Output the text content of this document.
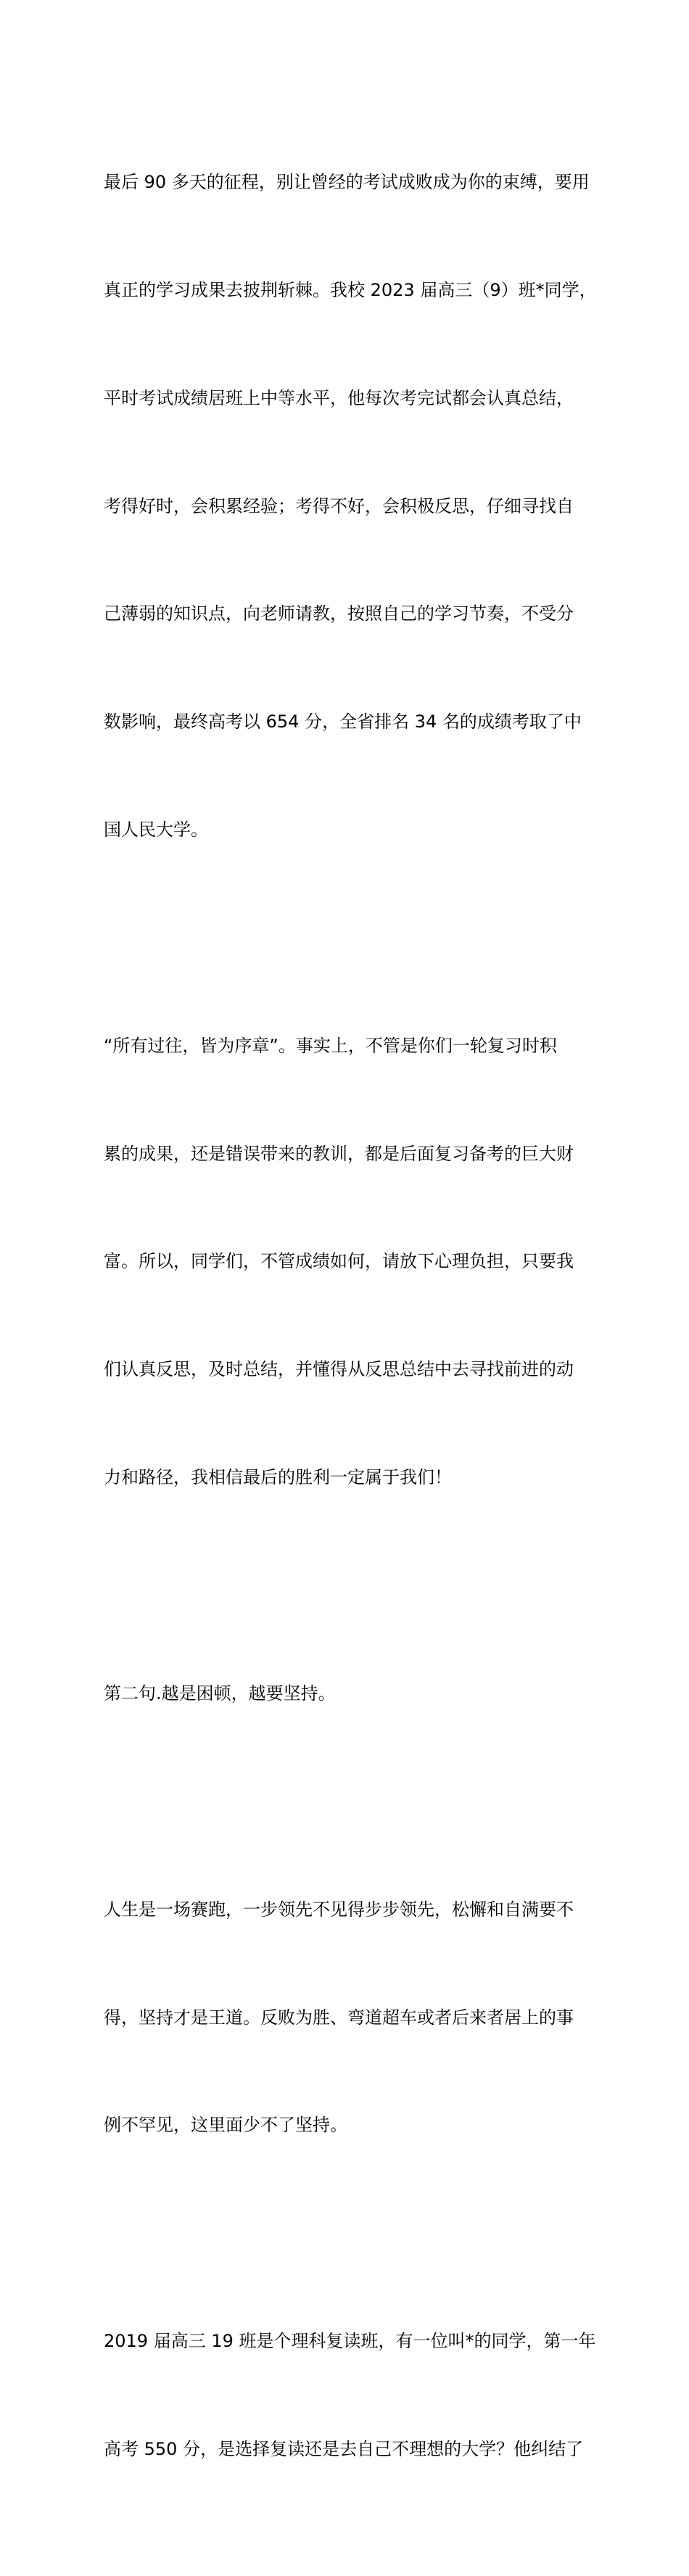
最后 90 多天的征程，别让曾经的考试成败成为你的束缚，要用

真正的学习成果去披荆斩棘。我校 2023 届高三（9）班*同学，

平时考试成绩居班上中等水平，他每次考完试都会认真总结，

考得好时，会积累经验；考得不好，会积极反思，仔细寻找自

己薄弱的知识点，向老师请教，按照自己的学习节奏，不受分

数影响，最终高考以 654 分，全省排名 34 名的成绩考取了中

国人民大学。

“所有过往，皆为序章”。事实上，不管是你们一轮复习时积

累的成果，还是错误带来的教训，都是后面复习备考的巨大财

富。所以，同学们，不管成绩如何，请放下心理负担，只要我

们认真反思，及时总结，并懂得从反思总结中去寻找前进的动

力和路径，我相信最后的胜利一定属于我们！

第二句.越是困顿，越要坚持。

人生是一场赛跑，一步领先不见得步步领先，松懈和自满要不

得，坚持才是王道。反败为胜、弯道超车或者后来者居上的事

例不罕见，这里面少不了坚持。

2019 届高三 19 班是个理科复读班，有一位叫*的同学，第一年

高考 550 分，是选择复读还是去自己不理想的大学？他纠结了
